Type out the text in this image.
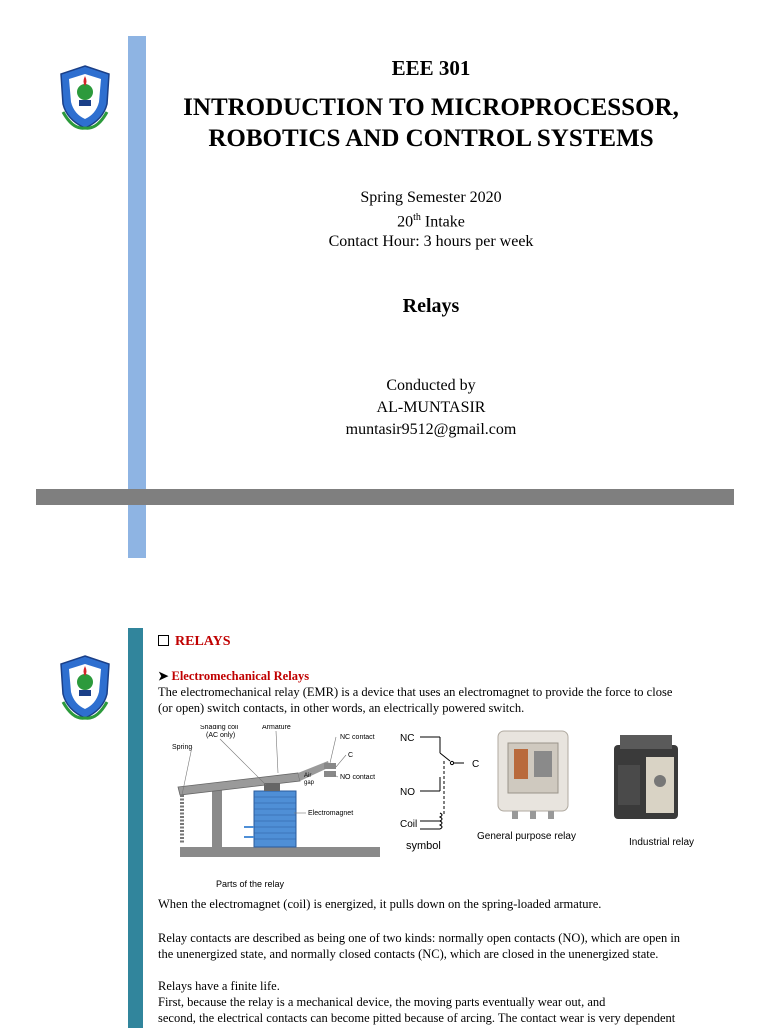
EEE 301
INTRODUCTION TO MICROPROCESSOR,
ROBOTICS AND CONTROL SYSTEMS
Spring Semester 2020
20th Intake
Contact Hour: 3 hours per week
Relays
Conducted by
AL-MUNTASIR
muntasir9512@gmail.com
RELAYS
➤ Electromechanical Relays
The electromechanical relay (EMR) is a device that uses an electromagnet to provide the force to close
(or open) switch contacts, in other words, an electrically powered switch.
Shading coil
(AC only)
Armature
Spring
NC contact
C
NO contact
Air
gap
Electromagnet
Parts of the relay
NC
C
NO
Coil
symbol
General purpose relay
Industrial relay
When the electromagnet (coil) is energized, it pulls down on the spring-loaded armature.
Relay contacts are described as being one of two kinds: normally open contacts (NO), which are open in
the unenergized state, and normally closed contacts (NC), which are closed in the unenergized state.
Relays have a finite life.
First, because the relay is a mechanical device, the moving parts eventually wear out, and
second, the electrical contacts can become pitted because of arcing. The contact wear is very dependent
